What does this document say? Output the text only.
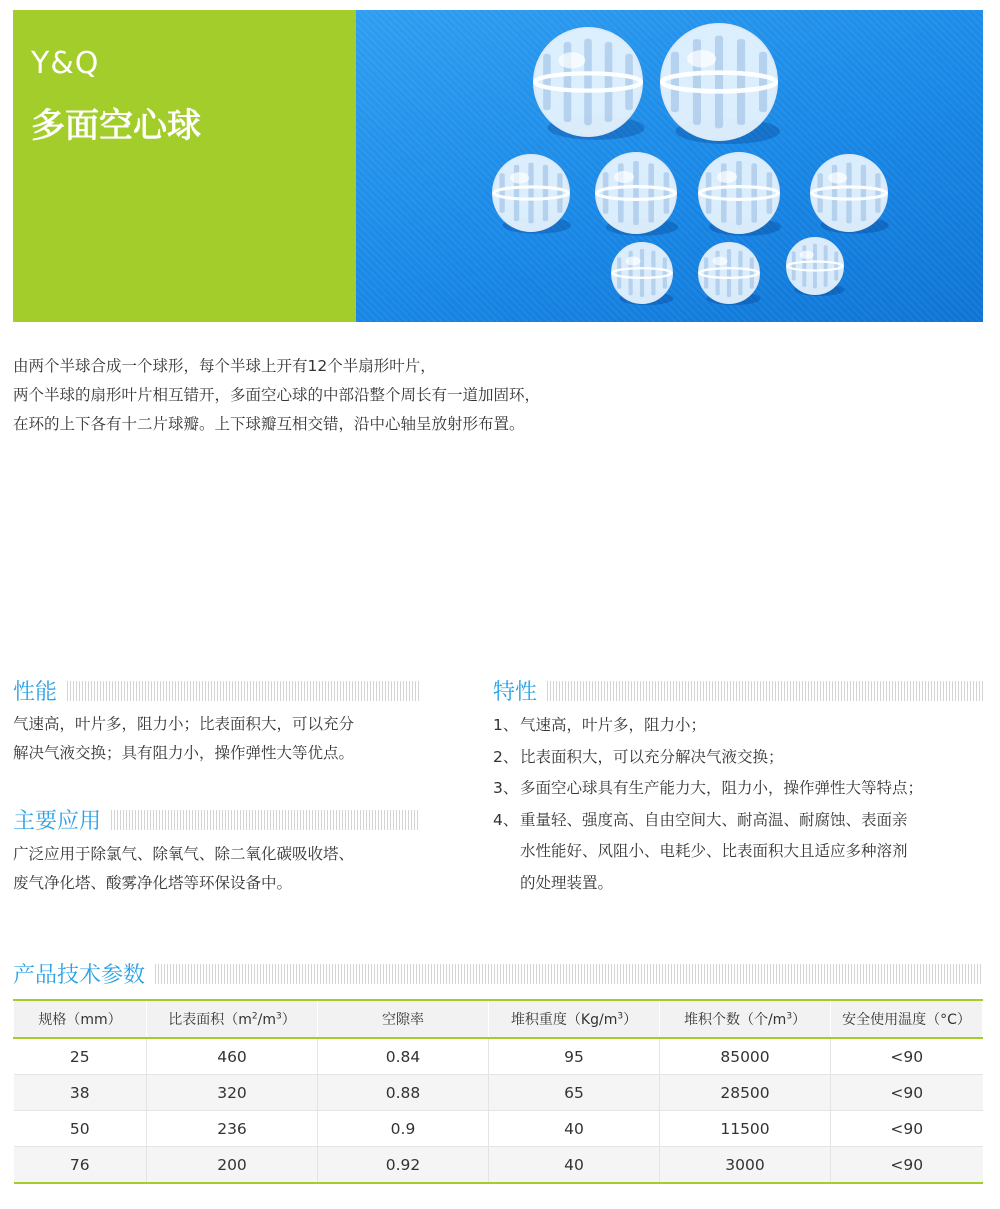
Y&Q
多面空心球
由两个半球合成一个球形，每个半球上开有12个半扇形叶片，
两个半球的扇形叶片相互错开，多面空心球的中部沿整个周长有一道加固环，
在环的上下各有十二片球瓣。上下球瓣互相交错，沿中心轴呈放射形布置。
性能
气速高，叶片多，阻力小；比表面积大，可以充分
解决气液交换；具有阻力小，操作弹性大等优点。
主要应用
广泛应用于除氯气、除氧气、除二氧化碳吸收塔、
废气净化塔、酸雾净化塔等环保设备中。
特性
1、 气速高，叶片多，阻力小；
2、 比表面积大，可以充分解决气液交换；
3、 多面空心球具有生产能力大，阻力小，操作弹性大等特点；
4、 重量轻、强度高、自由空间大、耐高温、耐腐蚀、表面亲
水性能好、风阻小、电耗少、比表面积大且适应多种溶剂
的处理装置。
产品技术参数
规格（mm）	比表面积$(m^2/m^3)$	空隙率	堆积重度$(Kg/m^3)$	堆积个数（个$/m^3$）	安全使用温度（°C）
25	460	0.84	95	85000	<90
38	320	0.88	65	28500	<90
50	236	0.9	40	11500	<90
76	200	0.92	40	3000	<90
